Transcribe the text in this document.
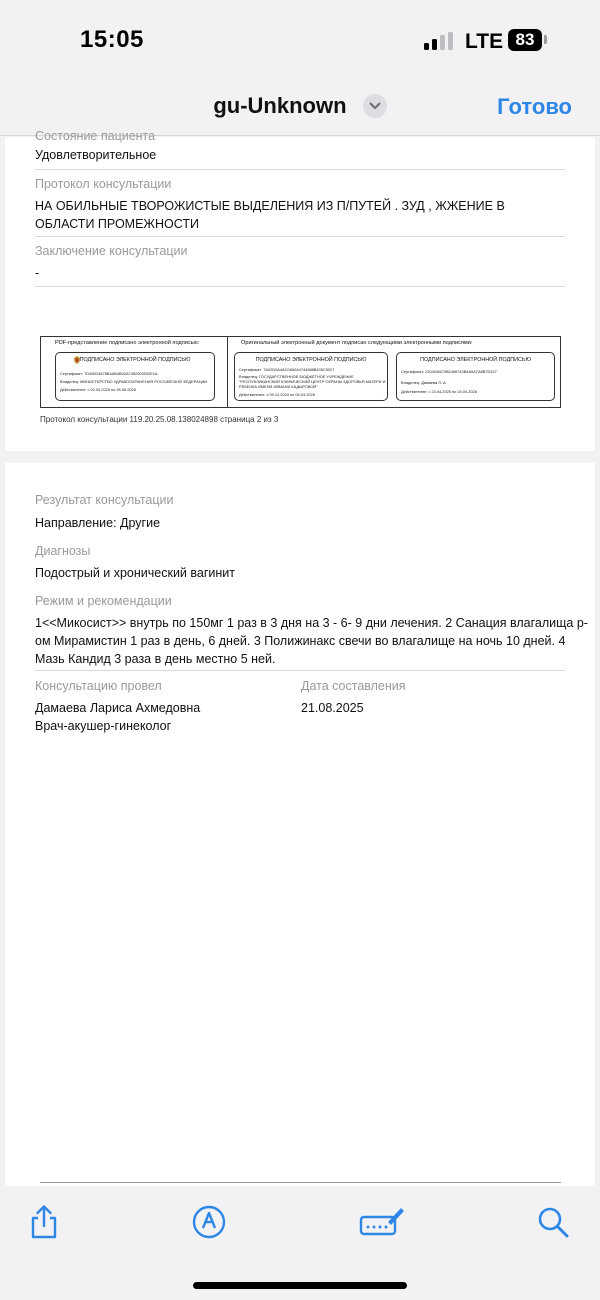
15:05	LTE 83
gu-Unknown	Готово
Состояние пациента
Удовлетворительное
Протокол консультации
НА ОБИЛЬНЫЕ ТВОРОЖИСТЫЕ ВЫДЕЛЕНИЯ ИЗ П/ПУТЕЙ . ЗУД , ЖЖЕНИЕ В ОБЛАСТИ ПРОМЕЖНОСТИ
Заключение консультации
-
PDF-представление подписано электронной подписью:	Оригинальный электронный документ подписан следующими электронными подписями:
ПОДПИСАНО ЭЛЕКТРОННОЙ ПОДПИСЬЮ
Сертификат: 7D4B024578B4AB4B02A7452903532E1A
Владелец: МИНИСТЕРСТВО ЗДРАВООХРАНЕНИЯ РОССИЙСКОЙ ФЕДЕРАЦИИ
Действителен: с 02.04.2025 по 26.06.2026
ПОДПИСАНО ЭЛЕКТРОННОЙ ПОДПИСЬЮ
Сертификат: 7A02D0A4AC0A5644744588B403C5027
Владелец: ГОСУДАРСТВЕННОЕ БЮДЖЕТНОЕ УЧРЕЖДЕНИЕ
"РЕСПУБЛИКАНСКИЙ КЛИНИЧЕСКИЙ ЦЕНТР ОХРАНЫ ЗДОРОВЬЯ МАТЕРИ И
РЕБЕНКА ИМЕНИ АЙМАНИ КАДЫРОВОЙ"
Действителен: с 09.12.2024 по 04.03.2026
ПОДПИСАНО ЭЛЕКТРОННОЙ ПОДПИСЬЮ
Сертификат: 2204D60C9B2408743B4A9A7A6B7D327
Владелец: Дамаева Л. А.
Действителен: с 24.04.2025 по 24.04.2026
Протокол консультации 119.20.25.08.138024898 страница 2 из 3
Результат консультации
Направление: Другие
Диагнозы
Подострый и хронический вагинит
Режим и рекомендации
1<<Микосист>> внутрь по 150мг 1 раз в 3 дня на 3 - 6- 9 дни лечения. 2 Санация влагалища р-
ом Мирамистин 1 раз в день, 6 дней. 3 Полижинакс свечи во влагалище на ночь 10 дней. 4
Мазь Кандид 3 раза в день местно 5 ней.
Консультацию провел
Дамаева Лариса Ахмедовна
Врач-акушер-гинеколог
Дата составления
21.08.2025
